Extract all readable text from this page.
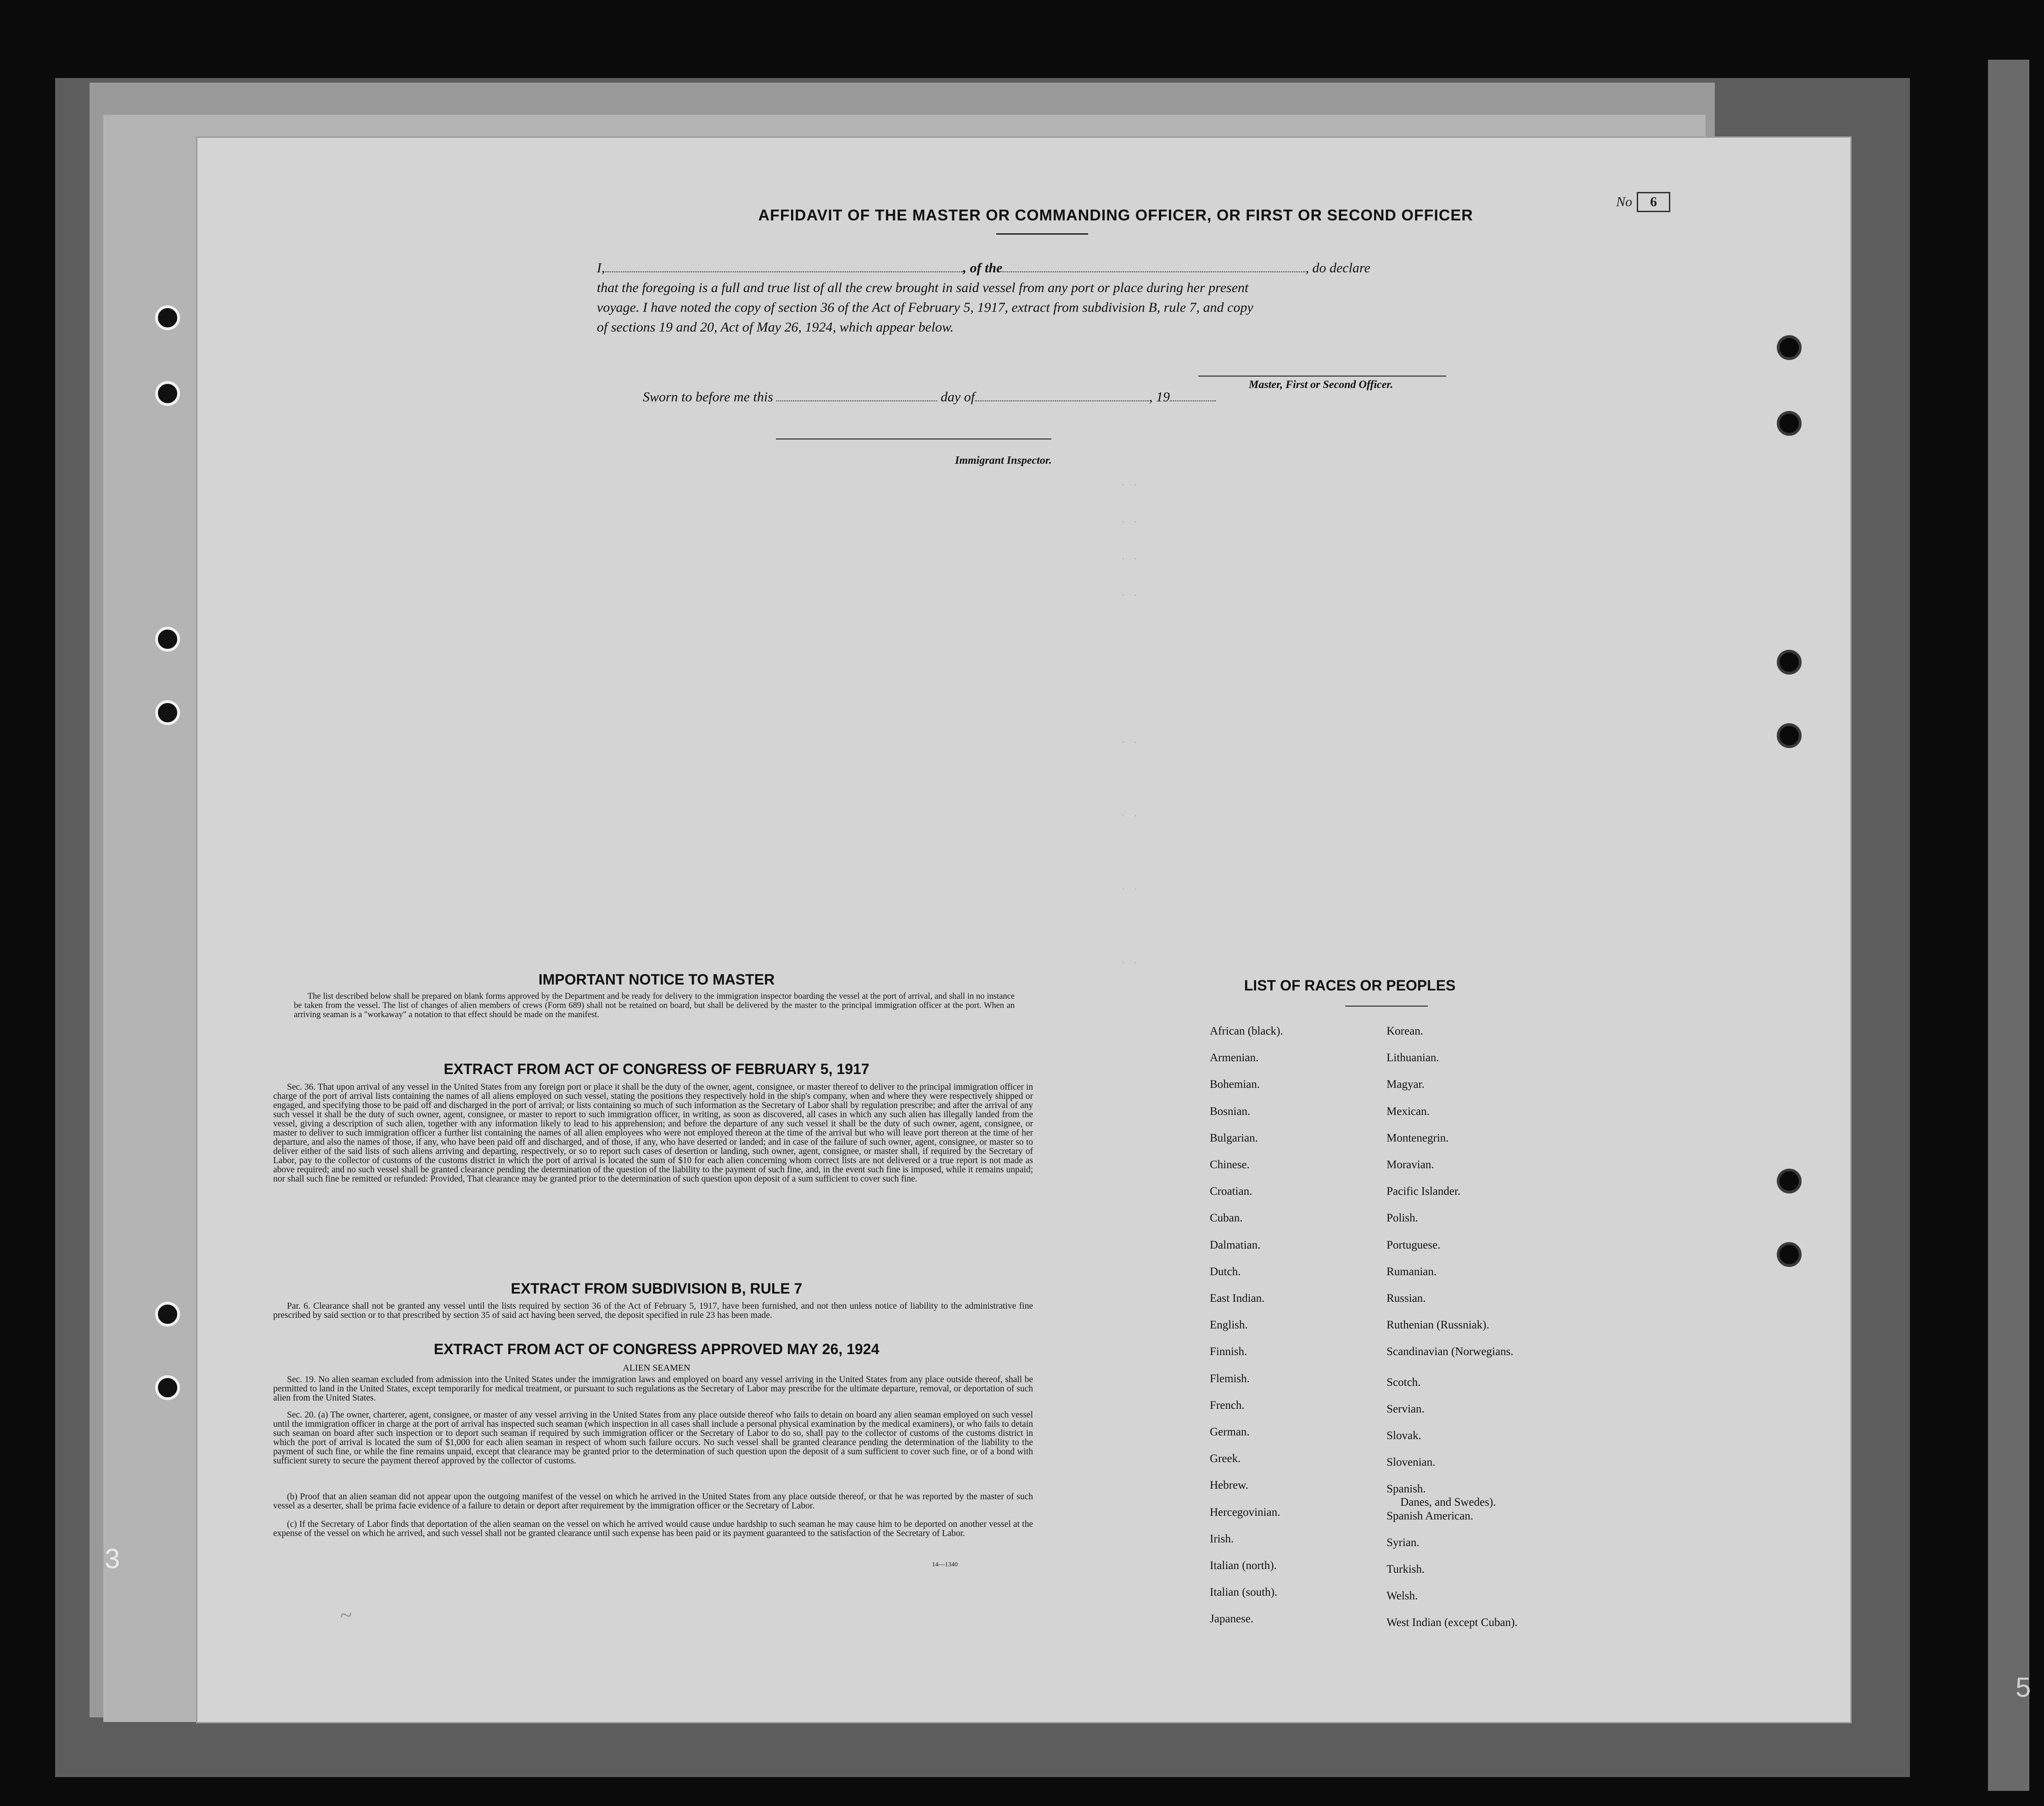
3
5
No 6
AFFIDAVIT OF THE MASTER OR COMMANDING OFFICER, OR FIRST OR SECOND OFFICER
I,	, of the	, do declare
that the foregoing is a full and true list of all the crew brought in said vessel from any port or place during her present
voyage. I have noted the copy of section 36 of the Act of February 5, 1917, extract from subdivision B, rule 7, and copy
of sections 19 and 20, Act of May 26, 1924, which appear below.
Master, First or Second Officer.
Sworn to before me this	day of	, 19
Immigrant Inspector.
. .
. .
. .
. .
. .
. .
. .
. .
IMPORTANT NOTICE TO MASTER
The list described below shall be prepared on blank forms approved by the Department and be ready for delivery to the immigration inspector boarding the vessel at the port of arrival, and shall in no instance be taken from the vessel. The list of changes of alien members of crews (Form 689) shall not be retained on board, but shall be delivered by the master to the principal immigration officer at the port. When an arriving seaman is a "workaway" a notation to that effect should be made on the manifest.
EXTRACT FROM ACT OF CONGRESS OF FEBRUARY 5, 1917
Sec. 36. That upon arrival of any vessel in the United States from any foreign port or place it shall be the duty of the owner, agent, consignee, or master thereof to deliver to the principal immigration officer in charge of the port of arrival lists containing the names of all aliens employed on such vessel, stating the positions they respectively hold in the ship's company, when and where they were respectively shipped or engaged, and specifying those to be paid off and discharged in the port of arrival; or lists containing so much of such information as the Secretary of Labor shall by regulation prescribe; and after the arrival of any such vessel it shall be the duty of such owner, agent, consignee, or master to report to such immigration officer, in writing, as soon as discovered, all cases in which any such alien has illegally landed from the vessel, giving a description of such alien, together with any information likely to lead to his apprehension; and before the departure of any such vessel it shall be the duty of such owner, agent, consignee, or master to deliver to such immigration officer a further list containing the names of all alien employees who were not employed thereon at the time of the arrival but who will leave port thereon at the time of her departure, and also the names of those, if any, who have been paid off and discharged, and of those, if any, who have deserted or landed; and in case of the failure of such owner, agent, consignee, or master so to deliver either of the said lists of such aliens arriving and departing, respectively, or so to report such cases of desertion or landing, such owner, agent, consignee, or master shall, if required by the Secretary of Labor, pay to the collector of customs of the customs district in which the port of arrival is located the sum of $10 for each alien concerning whom correct lists are not delivered or a true report is not made as above required; and no such vessel shall be granted clearance pending the determination of the question of the liability to the payment of such fine, and, in the event such fine is imposed, while it remains unpaid; nor shall such fine be remitted or refunded: Provided, That clearance may be granted prior to the determination of such question upon deposit of a sum sufficient to cover such fine.
EXTRACT FROM SUBDIVISION B, RULE 7
Par. 6. Clearance shall not be granted any vessel until the lists required by section 36 of the Act of February 5, 1917, have been furnished, and not then unless notice of liability to the administrative fine prescribed by said section or to that prescribed by section 35 of said act having been served, the deposit specified in rule 23 has been made.
EXTRACT FROM ACT OF CONGRESS APPROVED MAY 26, 1924
ALIEN SEAMEN
Sec. 19. No alien seaman excluded from admission into the United States under the immigration laws and employed on board any vessel arriving in the United States from any place outside thereof, shall be permitted to land in the United States, except temporarily for medical treatment, or pursuant to such regulations as the Secretary of Labor may prescribe for the ultimate departure, removal, or deportation of such alien from the United States.
Sec. 20. (a) The owner, charterer, agent, consignee, or master of any vessel arriving in the United States from any place outside thereof who fails to detain on board any alien seaman employed on such vessel until the immigration officer in charge at the port of arrival has inspected such seaman (which inspection in all cases shall include a personal physical examination by the medical examiners), or who fails to detain such seaman on board after such inspection or to deport such seaman if required by such immigration officer or the Secretary of Labor to do so, shall pay to the collector of customs of the customs district in which the port of arrival is located the sum of $1,000 for each alien seaman in respect of whom such failure occurs. No such vessel shall be granted clearance pending the determination of the liability to the payment of such fine, or while the fine remains unpaid, except that clearance may be granted prior to the determination of such question upon the deposit of a sum sufficient to cover such fine, or of a bond with sufficient surety to secure the payment thereof approved by the collector of customs.
(b) Proof that an alien seaman did not appear upon the outgoing manifest of the vessel on which he arrived in the United States from any place outside thereof, or that he was reported by the master of such vessel as a deserter, shall be prima facie evidence of a failure to detain or deport after requirement by the immigration officer or the Secretary of Labor.
(c) If the Secretary of Labor finds that deportation of the alien seaman on the vessel on which he arrived would cause undue hardship to such seaman he may cause him to be deported on another vessel at the expense of the vessel on which he arrived, and such vessel shall not be granted clearance until such expense has been paid or its payment guaranteed to the satisfaction of the Secretary of Labor.
14—1340
~
LIST OF RACES OR PEOPLES
Danes, and Swedes).
African (black).
Armenian.
Bohemian.
Bosnian.
Bulgarian.
Chinese.
Croatian.
Cuban.
Dalmatian.
Dutch.
East Indian.
English.
Finnish.
Flemish.
French.
German.
Greek.
Hebrew.
Hercegovinian.
Irish.
Italian (north).
Italian (south).
Japanese.
Korean.
Lithuanian.
Magyar.
Mexican.
Montenegrin.
Moravian.
Pacific Islander.
Polish.
Portuguese.
Rumanian.
Russian.
Ruthenian (Russniak).
Scandinavian (Norwegians.
Scotch.
Servian.
Slovak.
Slovenian.
Spanish.
Spanish American.
Syrian.
Turkish.
Welsh.
West Indian (except Cuban).
